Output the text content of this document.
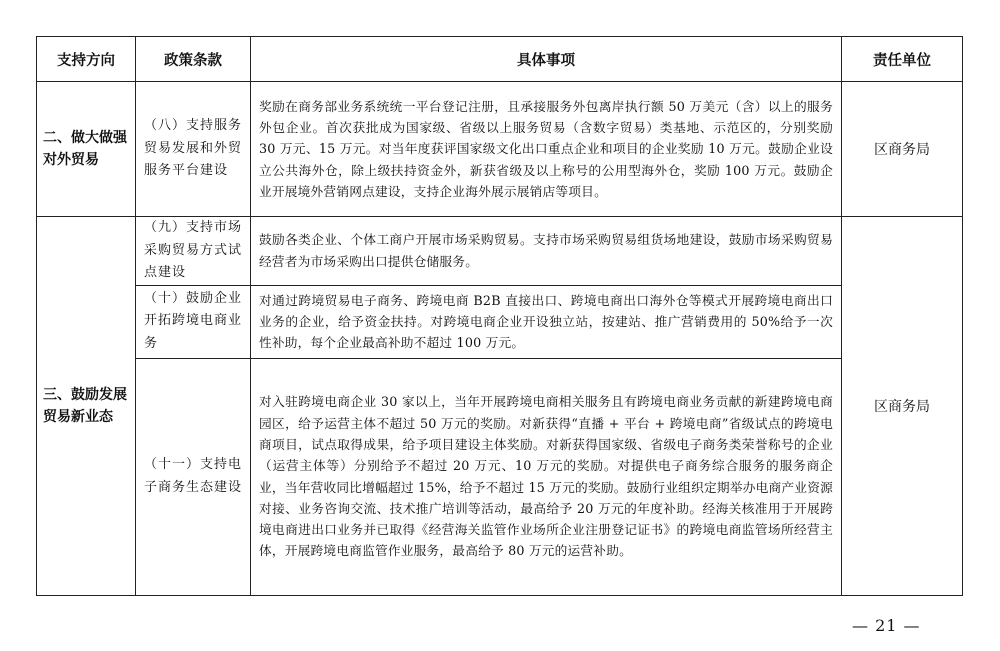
支持方向	政策条款	具体事项	责任单位
二、做大做强对外贸易	（八）支持服务贸易发展和外贸服务平台建设	奖励在商务部业务系统统一平台登记注册，且承接服务外包离岸执行额 50 万美元（含）以上的服务外包企业。首次获批成为国家级、省级以上服务贸易（含数字贸易）类基地、示范区的，分别奖励 30 万元、15 万元。对当年度获评国家级文化出口重点企业和项目的企业奖励 10 万元。鼓励企业设立公共海外仓，除上级扶持资金外，新获省级及以上称号的公用型海外仓，奖励 100 万元。鼓励企业开展境外营销网点建设，支持企业海外展示展销店等项目。	区商务局
三、鼓励发展贸易新业态	（九）支持市场采购贸易方式试点建设	鼓励各类企业、个体工商户开展市场采购贸易。支持市场采购贸易组货场地建设，鼓励市场采购贸易经营者为市场采购出口提供仓储服务。	区商务局
	（十）鼓励企业开拓跨境电商业务	对通过跨境贸易电子商务、跨境电商 B2B 直接出口、跨境电商出口海外仓等模式开展跨境电商出口业务的企业，给予资金扶持。对跨境电商企业开设独立站，按建站、推广营销费用的 50%给予一次性补助，每个企业最高补助不超过 100 万元。	
	（十一）支持电子商务生态建设	对入驻跨境电商企业 30 家以上，当年开展跨境电商相关服务且有跨境电商业务贡献的新建跨境电商园区，给予运营主体不超过 50 万元的奖励。对新获得“直播 + 平台 + 跨境电商”省级试点的跨境电商项目，试点取得成果，给予项目建设主体奖励。对新获得国家级、省级电子商务类荣誉称号的企业（运营主体等）分别给予不超过 20 万元、10 万元的奖励。对提供电子商务综合服务的服务商企业，当年营收同比增幅超过 15%，给予不超过 15 万元的奖励。鼓励行业组织定期举办电商产业资源对接、业务咨询交流、技术推广培训等活动，最高给予 20 万元的年度补助。经海关核准用于开展跨境电商进出口业务并已取得《经营海关监管作业场所企业注册登记证书》的跨境电商监管场所经营主体，开展跨境电商监管作业服务，最高给予 80 万元的运营补助。	
— 21 —
